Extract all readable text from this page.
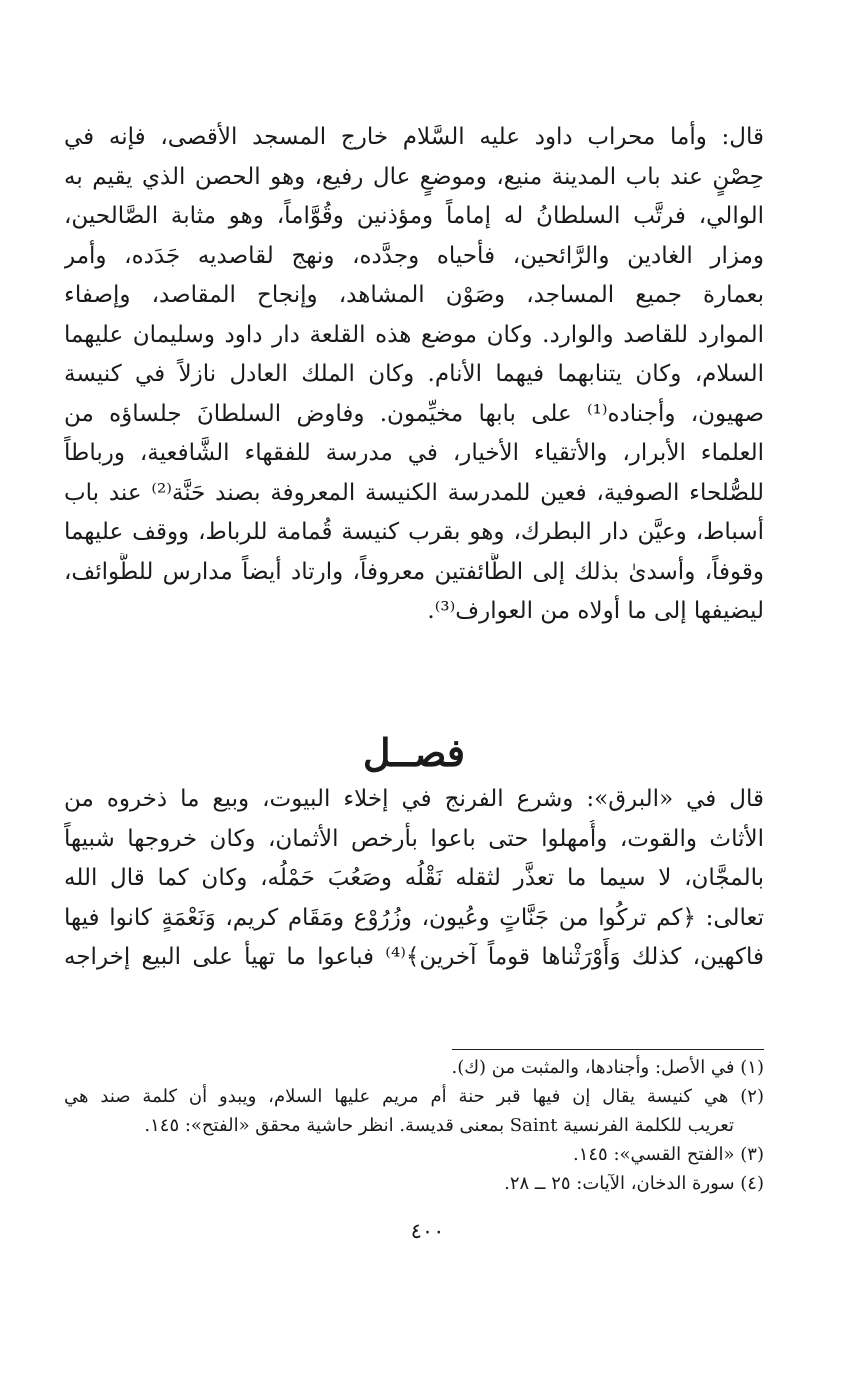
قال: وأما محراب داود عليه السَّلام خارج المسجد الأقصى، فإنه في
حِصْنٍ عند باب المدينة منيع، وموضعٍ عال رفيع، وهو الحصن الذي يقيم به
الوالي، فرتَّب السلطانُ له إماماً ومؤذنين وقُوَّاماً، وهو مثابة الصَّالحين،
ومزار الغادين والرَّائحين، فأحياه وجدَّده، ونهج لقاصديه جَدَده، وأمر
بعمارة جميع المساجد، وصَوْن المشاهد، وإنجاح المقاصد، وإصفاء
الموارد للقاصد والوارد. وكان موضع هذه القلعة دار داود وسليمان عليهما
السلام، وكان يتنابهما فيهما الأنام. وكان الملك العادل نازلاً في كنيسة
صهيون، وأجناده⁽¹⁾ على بابها مخيِّمون. وفاوض السلطانَ جلساؤه من
العلماء الأبرار، والأتقياء الأخيار، في مدرسة للفقهاء الشَّافعية، ورباطاً
للصُّلحاء الصوفية، فعين للمدرسة الكنيسة المعروفة بصند حَنَّة⁽²⁾ عند باب
أسباط، وعيَّن دار البطرك، وهو بقرب كنيسة قُمامة للرباط، ووقف عليهما
وقوفاً، وأسدىٰ بذلك إلى الطَّائفتين معروفاً، وارتاد أيضاً مدارس للطَّوائف،
ليضيفها إلى ما أولاه من العوارف⁽³⁾.
فصــل
قال في «البرق»: وشرع الفرنج في إخلاء البيوت، وبيع ما ذخروه من
الأثاث والقوت، وأُمهلوا حتى باعوا بأرخص الأثمان، وكان خروجها شبيهاً
بالمجَّان، لا سيما ما تعذَّر لثقله نَقْلُه وصَعُبَ حَمْلُه، وكان كما قال الله
تعالى: ﴿كم تركُوا من جَنَّاتٍ وعُيون، وزُرُوْع ومَقَام كريم، وَنَعْمَةٍ كانوا فيها
فاكهين، كذلك وَأَوْرَثْناها قوماً آخرين﴾⁽⁴⁾ فباعوا ما تهيأ على البيع إخراجه
(١) في الأصل: وأجنادها، والمثبت من (ك).
(٢) هي كنيسة يقال إن فيها قبر حنة أم مريم عليها السلام، ويبدو أن كلمة صند هي
تعريب للكلمة الفرنسية Saint بمعنى قديسة. انظر حاشية محقق «الفتح»: ١٤٥.
(٣) «الفتح القسي»: ١٤٥.
(٤) سورة الدخان، الآيات: ٢٥ ــ ٢٨.
٤٠٠
